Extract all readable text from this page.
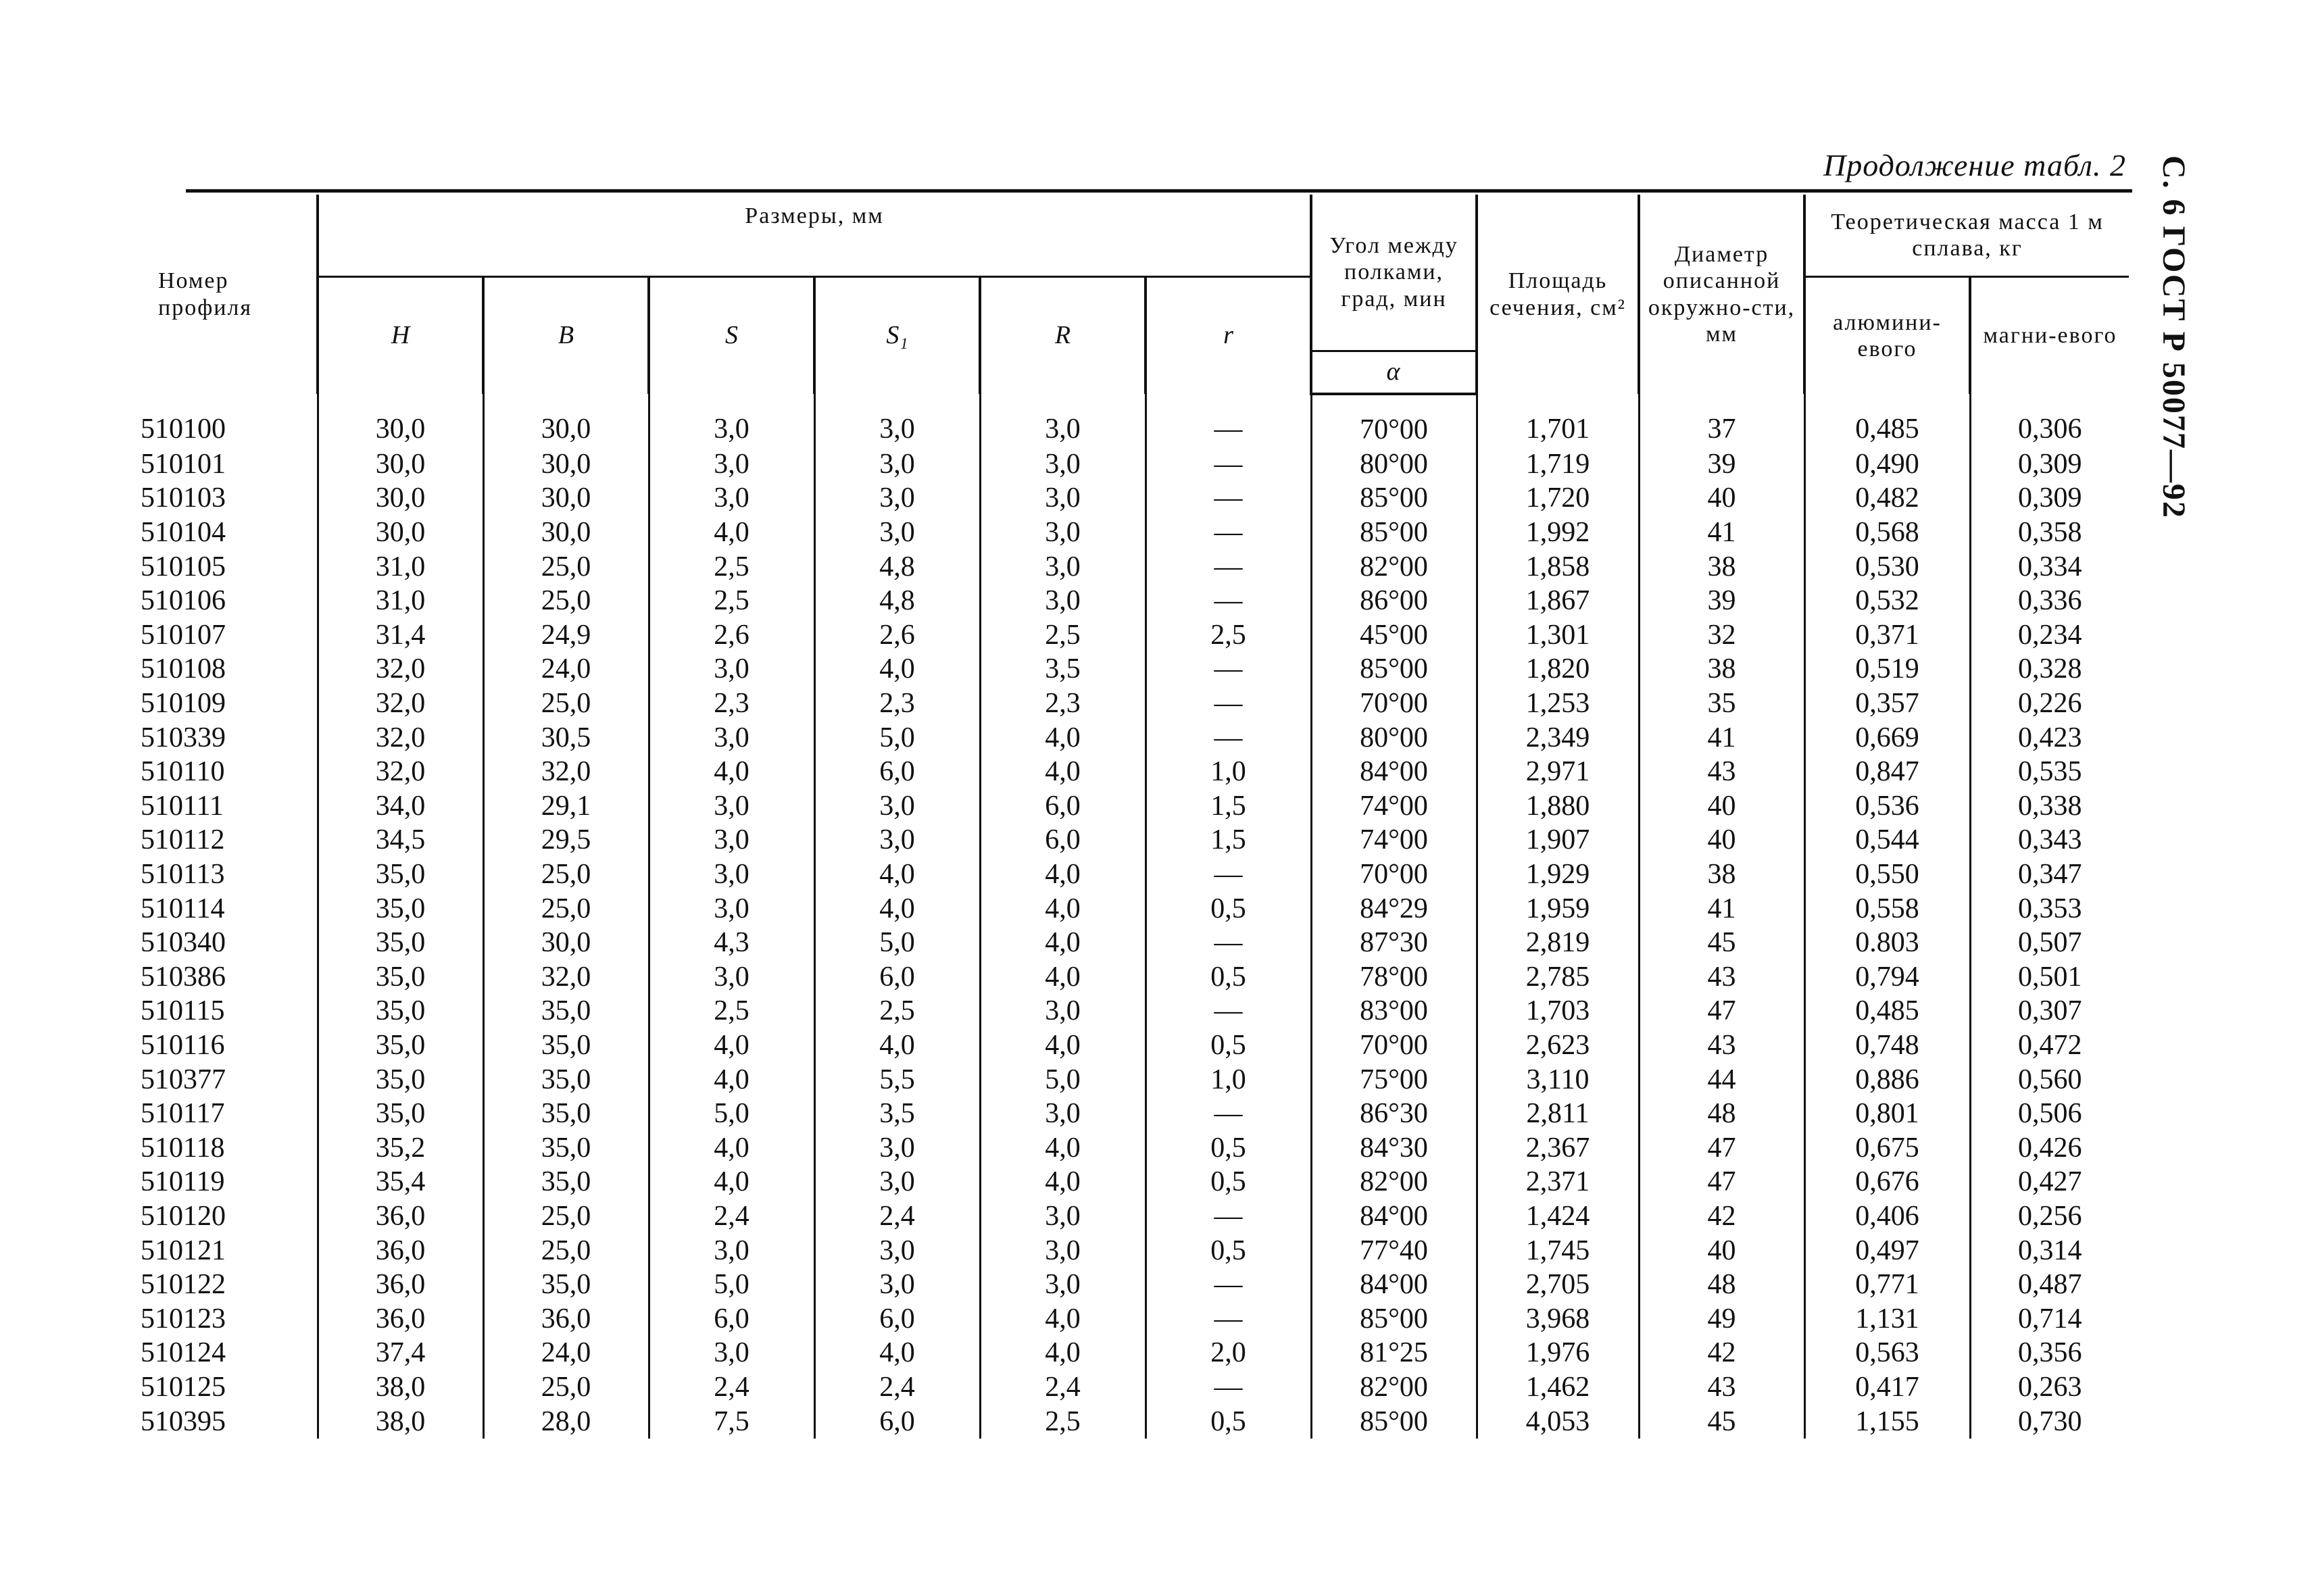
Продолжение табл. 2 С. 6 ГОСТ Р 50077—92
Номер профиля	Размеры, мм						Угол между полками, град, мин	Площадь сечения, см²	Диаметр описанной окружно-сти, мм	Теоретическая масса 1 м сплава, кг	
	H	B	S	S₁	R	r				алюмини-евого	магни-евого
							α				
510100	30,0	30,0	3,0	3,0	3,0	—	70°00	1,701	37	0,485	0,306
510101	30,0	30,0	3,0	3,0	3,0	—	80°00	1,719	39	0,490	0,309
510103	30,0	30,0	3,0	3,0	3,0	—	85°00	1,720	40	0,482	0,309
510104	30,0	30,0	4,0	3,0	3,0	—	85°00	1,992	41	0,568	0,358
510105	31,0	25,0	2,5	4,8	3,0	—	82°00	1,858	38	0,530	0,334
510106	31,0	25,0	2,5	4,8	3,0	—	86°00	1,867	39	0,532	0,336
510107	31,4	24,9	2,6	2,6	2,5	2,5	45°00	1,301	32	0,371	0,234
510108	32,0	24,0	3,0	4,0	3,5	—	85°00	1,820	38	0,519	0,328
510109	32,0	25,0	2,3	2,3	2,3	—	70°00	1,253	35	0,357	0,226
510339	32,0	30,5	3,0	5,0	4,0	—	80°00	2,349	41	0,669	0,423
510110	32,0	32,0	4,0	6,0	4,0	1,0	84°00	2,971	43	0,847	0,535
510111	34,0	29,1	3,0	3,0	6,0	1,5	74°00	1,880	40	0,536	0,338
510112	34,5	29,5	3,0	3,0	6,0	1,5	74°00	1,907	40	0,544	0,343
510113	35,0	25,0	3,0	4,0	4,0	—	70°00	1,929	38	0,550	0,347
510114	35,0	25,0	3,0	4,0	4,0	0,5	84°29	1,959	41	0,558	0,353
510340	35,0	30,0	4,3	5,0	4,0	—	87°30	2,819	45	0.803	0,507
510386	35,0	32,0	3,0	6,0	4,0	0,5	78°00	2,785	43	0,794	0,501
510115	35,0	35,0	2,5	2,5	3,0	—	83°00	1,703	47	0,485	0,307
510116	35,0	35,0	4,0	4,0	4,0	0,5	70°00	2,623	43	0,748	0,472
510377	35,0	35,0	4,0	5,5	5,0	1,0	75°00	3,110	44	0,886	0,560
510117	35,0	35,0	5,0	3,5	3,0	—	86°30	2,811	48	0,801	0,506
510118	35,2	35,0	4,0	3,0	4,0	0,5	84°30	2,367	47	0,675	0,426
510119	35,4	35,0	4,0	3,0	4,0	0,5	82°00	2,371	47	0,676	0,427
510120	36,0	25,0	2,4	2,4	3,0	—	84°00	1,424	42	0,406	0,256
510121	36,0	25,0	3,0	3,0	3,0	0,5	77°40	1,745	40	0,497	0,314
510122	36,0	35,0	5,0	3,0	3,0	—	84°00	2,705	48	0,771	0,487
510123	36,0	36,0	6,0	6,0	4,0	—	85°00	3,968	49	1,131	0,714
510124	37,4	24,0	3,0	4,0	4,0	2,0	81°25	1,976	42	0,563	0,356
510125	38,0	25,0	2,4	2,4	2,4	—	82°00	1,462	43	0,417	0,263
510395	38,0	28,0	7,5	6,0	2,5	0,5	85°00	4,053	45	1,155	0,730
